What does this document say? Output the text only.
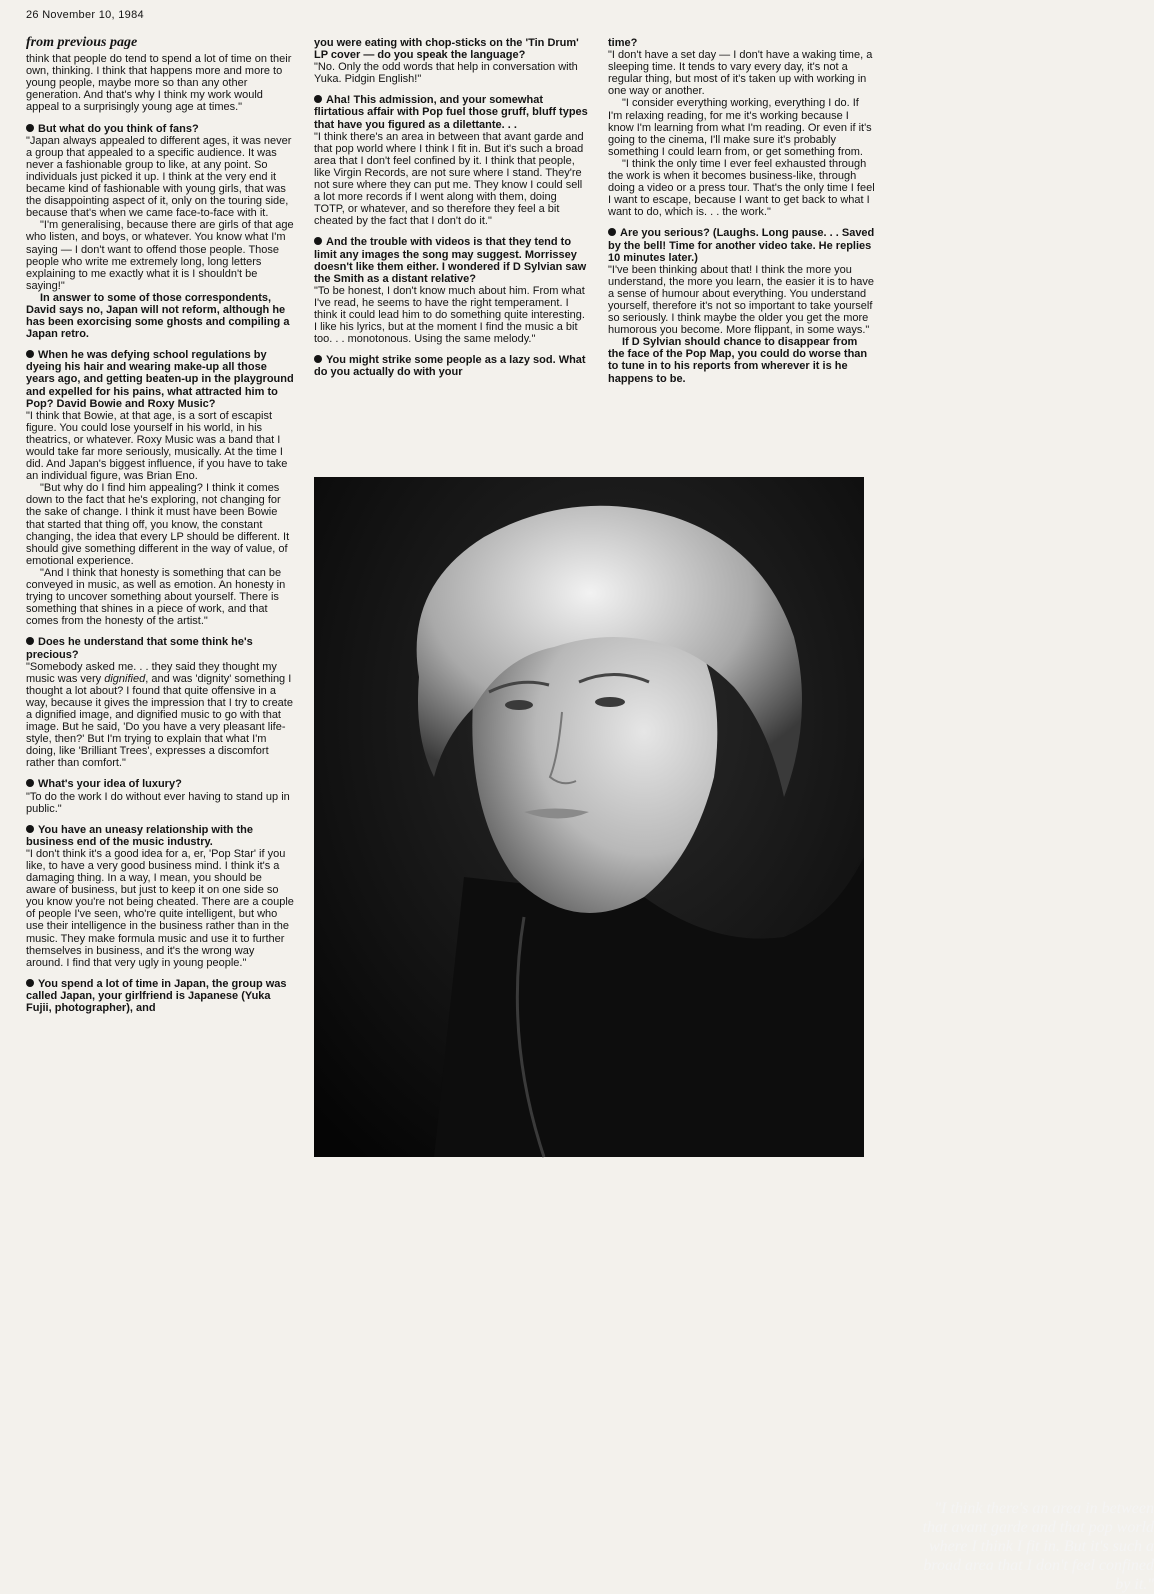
26 November 10, 1984

from previous page

think that people do tend to spend a lot of time on their own, thinking. I think that happens more and more to young people, maybe more so than any other generation. And that's why I think my work would appeal to a surprisingly young age at times."

But what do you think of fans?

"Japan always appealed to different ages, it was never a group that appealed to a specific audience. It was never a fashionable group to like, at any point. So individuals just picked it up. I think at the very end it became kind of fashionable with young girls, that was the disappointing aspect of it, only on the touring side, because that's when we came face-to-face with it.

"I'm generalising, because there are girls of that age who listen, and boys, or whatever. You know what I'm saying — I don't want to offend those people. Those people who write me extremely long, long letters explaining to me exactly what it is I shouldn't be saying!"

In answer to some of those correspondents, David says no, Japan will not reform, although he has been exorcising some ghosts and compiling a Japan retro.

When he was defying school regulations by dyeing his hair and wearing make-up all those years ago, and getting beaten-up in the playground and expelled for his pains, what attracted him to Pop? David Bowie and Roxy Music?

"I think that Bowie, at that age, is a sort of escapist figure. You could lose yourself in his world, in his theatrics, or whatever. Roxy Music was a band that I would take far more seriously, musically. At the time I did. And Japan's biggest influence, if you have to take an individual figure, was Brian Eno.

"But why do I find him appealing? I think it comes down to the fact that he's exploring, not changing for the sake of change. I think it must have been Bowie that started that thing off, you know, the constant changing, the idea that every LP should be different. It should give something different in the way of value, of emotional experience.

"And I think that honesty is something that can be conveyed in music, as well as emotion. An honesty in trying to uncover something about yourself. There is something that shines in a piece of work, and that comes from the honesty of the artist."

Does he understand that some think he's precious?

"Somebody asked me. . . they said they thought my music was very dignified, and was 'dignity' something I thought a lot about? I found that quite offensive in a way, because it gives the impression that I try to create a dignified image, and dignified music to go with that image. But he said, 'Do you have a very pleasant life-style, then?' But I'm trying to explain that what I'm doing, like 'Brilliant Trees', expresses a discomfort rather than comfort."

What's your idea of luxury?

"To do the work I do without ever having to stand up in public."

You have an uneasy relationship with the business end of the music industry.

"I don't think it's a good idea for a, er, 'Pop Star' if you like, to have a very good business mind. I think it's a damaging thing. In a way, I mean, you should be aware of business, but just to keep it on one side so you know you're not being cheated. There are a couple of people I've seen, who're quite intelligent, but who use their intelligence in the business rather than in the music. They make formula music and use it to further themselves in business, and it's the wrong way around. I find that very ugly in young people."

You spend a lot of time in Japan, the group was called Japan, your girlfriend is Japanese (Yuka Fujii, photographer), and

you were eating with chop-sticks on the 'Tin Drum' LP cover — do you speak the language?

"No. Only the odd words that help in conversation with Yuka. Pidgin English!"

Aha! This admission, and your somewhat flirtatious affair with Pop fuel those gruff, bluff types that have you figured as a dilettante. . .

"I think there's an area in between that avant garde and that pop world where I think I fit in. But it's such a broad area that I don't feel confined by it. I think that people, like Virgin Records, are not sure where I stand. They're not sure where they can put me. They know I could sell a lot more records if I went along with them, doing TOTP, or whatever, and so therefore they feel a bit cheated by the fact that I don't do it."

And the trouble with videos is that they tend to limit any images the song may suggest. Morrissey doesn't like them either. I wondered if D Sylvian saw the Smith as a distant relative?

"To be honest, I don't know much about him. From what I've read, he seems to have the right temperament. I think it could lead him to do something quite interesting. I like his lyrics, but at the moment I find the music a bit too. . . monotonous. Using the same melody."

You might strike some people as a lazy sod. What do you actually do with your

time?

"I don't have a set day — I don't have a waking time, a sleeping time. It tends to vary every day, it's not a regular thing, but most of it's taken up with working in one way or another.

"I consider everything working, everything I do. If I'm relaxing reading, for me it's working because I know I'm learning from what I'm reading. Or even if it's going to the cinema, I'll make sure it's probably something I could learn from, or get something from.

"I think the only time I ever feel exhausted through the work is when it becomes business-like, through doing a video or a press tour. That's the only time I feel I want to escape, because I want to get back to what I want to do, which is. . . the work."

Are you serious? (Laughs. Long pause. . . Saved by the bell! Time for another video take. He replies 10 minutes later.)

"I've been thinking about that! I think the more you understand, the more you learn, the easier it is to have a sense of humour about everything. You understand yourself, therefore it's not so important to take yourself so seriously. I think maybe the older you get the more humorous you become. More flippant, in some ways."

If D Sylvian should chance to disappear from the face of the Pop Map, you could do worse than to tune in to his reports from wherever it is he happens to be.

"I think there's an area in between that avant garde and that pop world where I think I fit in. But it's such a broad area that I don't feel confined by it."
